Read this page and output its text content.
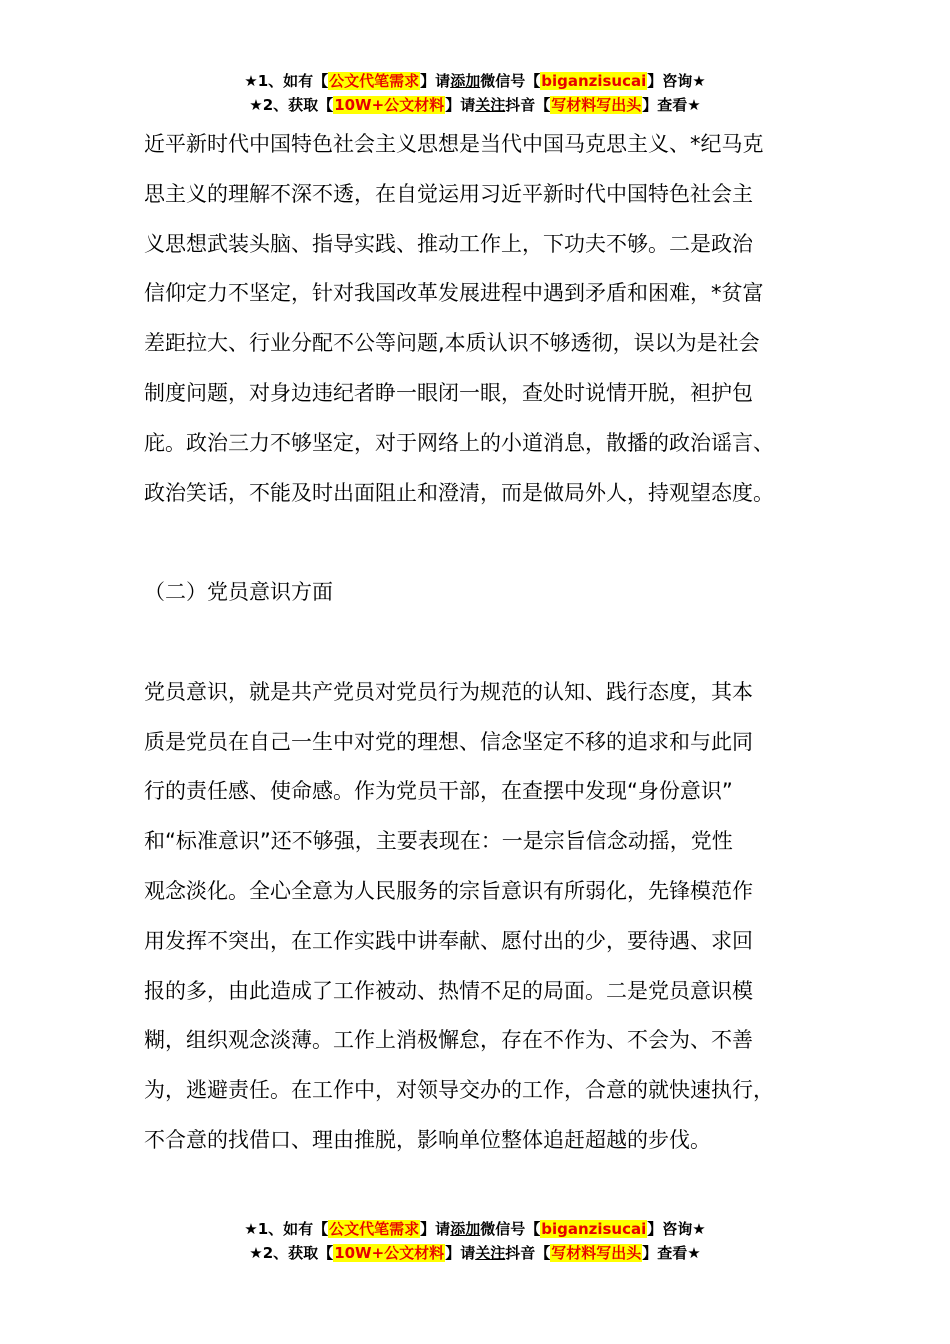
★1、如有【公文代笔需求】请添加微信号【biganzisucai】咨询★
★2、获取【10W+公文材料】请关注抖音【写材料写出头】查看★
近平新时代中国特色社会主义思想是当代中国马克思主义、*纪马克
思主义的理解不深不透，在自觉运用习近平新时代中国特色社会主
义思想武装头脑、指导实践、推动工作上，下功夫不够。二是政治
信仰定力不坚定，针对我国改革发展进程中遇到矛盾和困难，*贫富
差距拉大、行业分配不公等问题,本质认识不够透彻，误以为是社会
制度问题，对身边违纪者睁一眼闭一眼，查处时说情开脱，袒护包
庇。政治三力不够坚定，对于网络上的小道消息，散播的政治谣言、
政治笑话，不能及时出面阻止和澄清，而是做局外人，持观望态度。
（二）党员意识方面
党员意识，就是共产党员对党员行为规范的认知、践行态度，其本
质是党员在自己一生中对党的理想、信念坚定不移的追求和与此同
行的责任感、使命感。作为党员干部，在查摆中发现“身份意识”
和“标准意识”还不够强，主要表现在：一是宗旨信念动摇，党性
观念淡化。全心全意为人民服务的宗旨意识有所弱化，先锋模范作
用发挥不突出，在工作实践中讲奉献、愿付出的少，要待遇、求回
报的多，由此造成了工作被动、热情不足的局面。二是党员意识模
糊，组织观念淡薄。工作上消极懈怠，存在不作为、不会为、不善
为，逃避责任。在工作中，对领导交办的工作，合意的就快速执行，
不合意的找借口、理由推脱，影响单位整体追赶超越的步伐。
★1、如有【公文代笔需求】请添加微信号【biganzisucai】咨询★
★2、获取【10W+公文材料】请关注抖音【写材料写出头】查看★
